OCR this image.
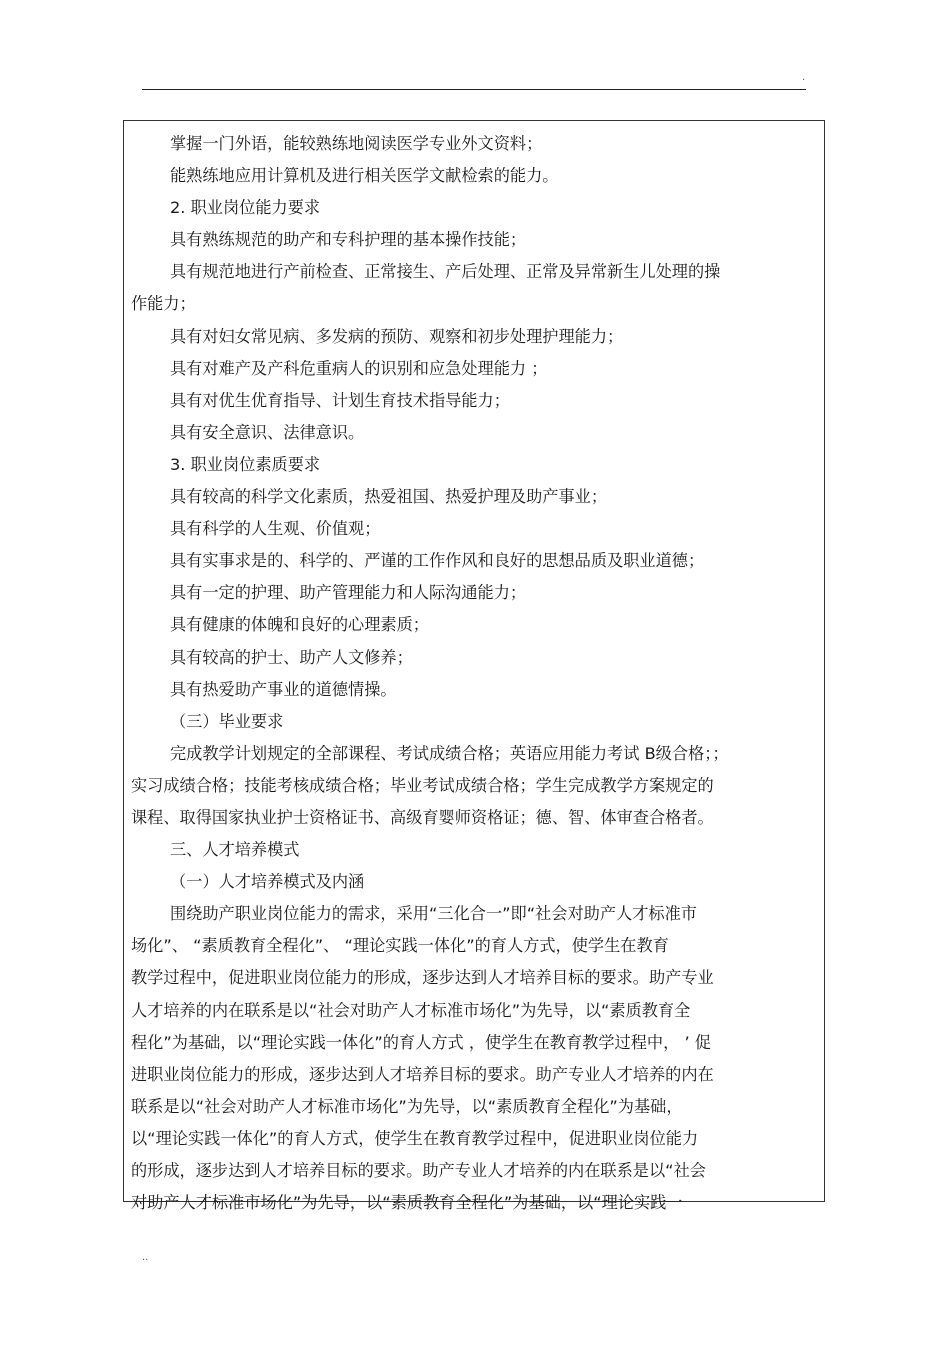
.
掌握一门外语，能较熟练地阅读医学专业外文资料；
能熟练地应用计算机及进行相关医学文献检索的能力。
2. 职业岗位能力要求
具有熟练规范的助产和专科护理的基本操作技能；
具有规范地进行产前检查、正常接生、产后处理、正常及异常新生儿处理的操
作能力；
具有对妇女常见病、多发病的预防、观察和初步处理护理能力；
具有对难产及产科危重病人的识别和应急处理能力 ；
具有对优生优育指导、计划生育技术指导能力；
具有安全意识、法律意识。
3. 职业岗位素质要求
具有较高的科学文化素质，热爱祖国、热爱护理及助产事业；
具有科学的人生观、价值观；
具有实事求是的、科学的、严谨的工作作风和良好的思想品质及职业道德；
具有一定的护理、助产管理能力和人际沟通能力；
具有健康的体魄和良好的心理素质；
具有较高的护士、助产人文修养；
具有热爱助产事业的道德情操。
（三）毕业要求
完成教学计划规定的全部课程、考试成绩合格；英语应用能力考试 B级合格；；
实习成绩合格；技能考核成绩合格；毕业考试成绩合格；学生完成教学方案规定的
课程、取得国家执业护士资格证书、高级育婴师资格证；德、智、体审查合格者。
三、人才培养模式
（一）人才培养模式及内涵
围绕助产职业岗位能力的需求，采用“三化合一”即“社会对助产人才标准市
场化”、 “素质教育全程化”、 “理论实践一体化”的育人方式，使学生在教育
教学过程中，促进职业岗位能力的形成，逐步达到人才培养目标的要求。助产专业
人才培养的内在联系是以“社会对助产人才标准市场化”为先导，以“素质教育全
程化”为基础，以“理论实践一体化”的育人方式 ，使学生在教育教学过程中， ’ 促
进职业岗位能力的形成，逐步达到人才培养目标的要求。助产专业人才培养的内在
联系是以“社会对助产人才标准市场化”为先导，以“素质教育全程化”为基础，
以“理论实践一体化”的育人方式，使学生在教育教学过程中，促进职业岗位能力
的形成，逐步达到人才培养目标的要求。助产专业人才培养的内在联系是以“社会
对助产人才标准市场化”为先导，以“素质教育全程化”为基础，以“理论实践一
..
